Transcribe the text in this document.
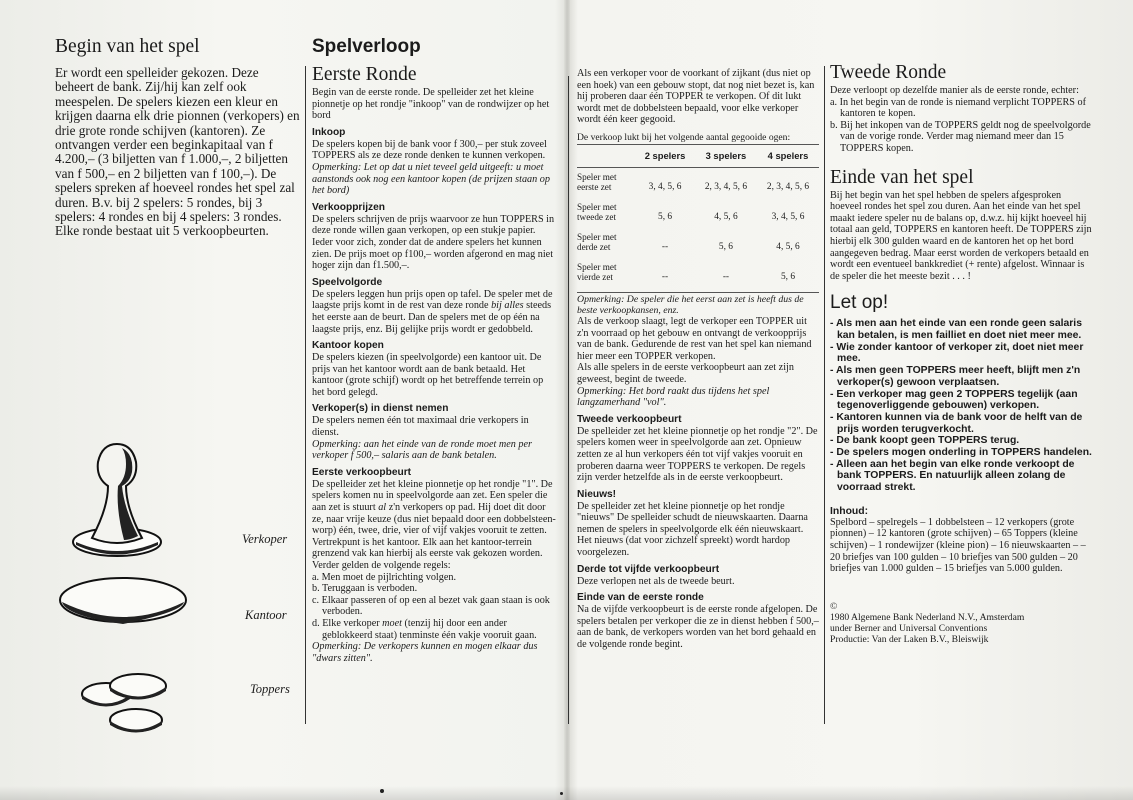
Begin van het spel

Er wordt een spelleider gekozen. Deze beheert de bank. Zij/hij kan zelf ook meespelen. De spelers kiezen een kleur en krijgen daarna elk drie pionnen (verkopers) en drie grote ronde schijven (kantoren). Ze ontvangen verder een beginkapitaal van f 4.200,– (3 biljetten van f 1.000,–, 2 biljetten van f 500,– en 2 biljetten van f 100,–). De spelers spreken af hoeveel rondes het spel zal duren. B.v. bij 2 spelers: 5 rondes, bij 3 spelers: 4 rondes en bij 4 spelers: 3 rondes. Elke ronde bestaat uit 5 verkoopbeurten.

Verkoper
Kantoor
Toppers
Spelverloop
Eerste Ronde

Begin van de eerste ronde. De spelleider zet het kleine pionnetje op het rondje "inkoop" van de rondwijzer op het bord

Inkoop

De spelers kopen bij de bank voor f 300,– per stuk zoveel TOPPERS als ze deze ronde denken te kunnen verkopen.

Opmerking: Let op dat u niet teveel geld uitgeeft: u moet aanstonds ook nog een kantoor kopen (de prijzen staan op het bord)

Verkoopprijzen

De spelers schrijven de prijs waarvoor ze hun TOPPERS in deze ronde willen gaan verkopen, op een stukje papier. Ieder voor zich, zonder dat de andere spelers het kunnen zien. De prijs moet op f100,– worden afgerond en mag niet hoger zijn dan f1.500,–.

Speelvolgorde

De spelers leggen hun prijs open op tafel. De speler met de laagste prijs komt in de rest van deze ronde bij alles steeds het eerste aan de beurt. Dan de spelers met de op één na laagste prijs, enz. Bij gelijke prijs wordt er gedobbeld.

Kantoor kopen

De spelers kiezen (in speelvolgorde) een kantoor uit. De prijs van het kantoor wordt aan de bank betaald. Het kantoor (grote schijf) wordt op het betreffende terrein op het bord gelegd.

Verkoper(s) in dienst nemen

De spelers nemen één tot maximaal drie verkopers in dienst.

Opmerking: aan het einde van de ronde moet men per verkoper f 500,– salaris aan de bank betalen.

Eerste verkoopbeurt

De spelleider zet het kleine pionnetje op het rondje "1". De spelers komen nu in speelvolgorde aan zet. Een speler die aan zet is stuurt al z'n verkopers op pad. Hij doet dit door ze, naar vrije keuze (dus niet bepaald door een dobbelsteen-worp) één, twee, drie, vier of vijf vakjes vooruit te zetten.

Vertrekpunt is het kantoor. Elk aan het kantoor-terrein grenzend vak kan hierbij als eerste vak gekozen worden. Verder gelden de volgende regels:

a. Men moet de pijlrichting volgen.
b. Teruggaan is verboden.
c. Elkaar passeren of op een al bezet vak gaan staan is ook verboden.
d. Elke verkoper moet (tenzij hij door een ander geblokkeerd staat) tenminste één vakje vooruit gaan.

Opmerking: De verkopers kunnen en mogen elkaar dus "dwars zitten".

Als een verkoper voor de voorkant of zijkant (dus niet op een hoek) van een gebouw stopt, dat nog niet bezet is, kan hij proberen daar één TOPPER te verkopen. Of dit lukt wordt met de dobbelsteen bepaald, voor elke verkoper wordt één keer gegooid.

De verkoop lukt bij het volgende aantal gegooide ogen:
	2 spelers	3 spelers	4 spelers
Speler met
eerste zet	3, 4, 5, 6	2, 3, 4, 5, 6	2, 3, 4, 5, 6
Speler met
tweede zet	5, 6	4, 5, 6	3, 4, 5, 6
Speler met
derde zet	--	5, 6	4, 5, 6
Speler met
vierde zet	--	--	5, 6
Opmerking: De speler die het eerst aan zet is heeft dus de beste verkoopkansen, enz.

Als de verkoop slaagt, legt de verkoper een TOPPER uit z'n voorraad op het gebouw en ontvangt de verkoopprijs van de bank. Gedurende de rest van het spel kan niemand hier meer een TOPPER verkopen.

Als alle spelers in de eerste verkoopbeurt aan zet zijn geweest, begint de tweede.

Opmerking: Het bord raakt dus tijdens het spel langzamerhand "vol".

Tweede verkoopbeurt

De spelleider zet het kleine pionnetje op het rondje "2". De spelers komen weer in speelvolgorde aan zet. Opnieuw zetten ze al hun verkopers één tot vijf vakjes vooruit en proberen daarna weer TOPPERS te verkopen. De regels zijn verder hetzelfde als in de eerste verkoopbeurt.

Nieuws!

De spelleider zet het kleine pionnetje op het rondje "nieuws" De spelleider schudt de nieuwskaarten. Daarna nemen de spelers in speelvolgorde elk één nieuwskaart. Het nieuws (dat voor zichzelf spreekt) wordt hardop voorgelezen.

Derde tot vijfde verkoopbeurt

Deze verlopen net als de tweede beurt.

Einde van de eerste ronde

Na de vijfde verkoopbeurt is de eerste ronde afgelopen. De spelers betalen per verkoper die ze in dienst hebben f 500,– aan de bank, de verkopers worden van het bord gehaald en de volgende ronde begint.

Tweede Ronde

Deze verloopt op dezelfde manier als de eerste ronde, echter:

a. In het begin van de ronde is niemand verplicht TOPPERS of kantoren te kopen.
b. Bij het inkopen van de TOPPERS geldt nog de speelvolgorde van de vorige ronde. Verder mag niemand meer dan 15 TOPPERS kopen.
Einde van het spel

Bij het begin van het spel hebben de spelers afgesproken hoeveel rondes het spel zou duren. Aan het einde van het spel maakt iedere speler nu de balans op, d.w.z. hij kijkt hoeveel hij totaal aan geld, TOPPERS en kantoren heeft. De TOPPERS zijn hierbij elk 300 gulden waard en de kantoren het op het bord aangegeven bedrag. Maar eerst worden de verkopers betaald en wordt een eventueel bankkrediet (+ rente) afgelost. Winnaar is de speler die het meeste bezit . . . !

Let op!
- Als men aan het einde van een ronde geen salaris kan betalen, is men failliet en doet niet meer mee.
- Wie zonder kantoor of verkoper zit, doet niet meer mee.
- Als men geen TOPPERS meer heeft, blijft men z'n verkoper(s) gewoon verplaatsen.
- Een verkoper mag geen 2 TOPPERS tegelijk (aan tegenoverliggende gebouwen) verkopen.
- Kantoren kunnen via de bank voor de helft van de prijs worden terugverkocht.
- De bank koopt geen TOPPERS terug.
- De spelers mogen onderling in TOPPERS handelen.
- Alleen aan het begin van elke ronde verkoopt de bank TOPPERS. En natuurlijk alleen zolang de voorraad strekt.
Inhoud:

Spelbord – spelregels – 1 dobbelsteen – 12 verkopers (grote pionnen) – 12 kantoren (grote schijven) – 65 Toppers (kleine schijven) – 1 rondewijzer (kleine pion) – 16 nieuwskaarten – – 20 briefjes van 100 gulden – 10 briefjes van 500 gulden – 20 briefjes van 1.000 gulden – 15 briefjes van 5.000 gulden.

©
1980 Algemene Bank Nederland N.V., Amsterdam
under Berner and Universal Conventions
Productie: Van der Laken B.V., Bleiswijk
